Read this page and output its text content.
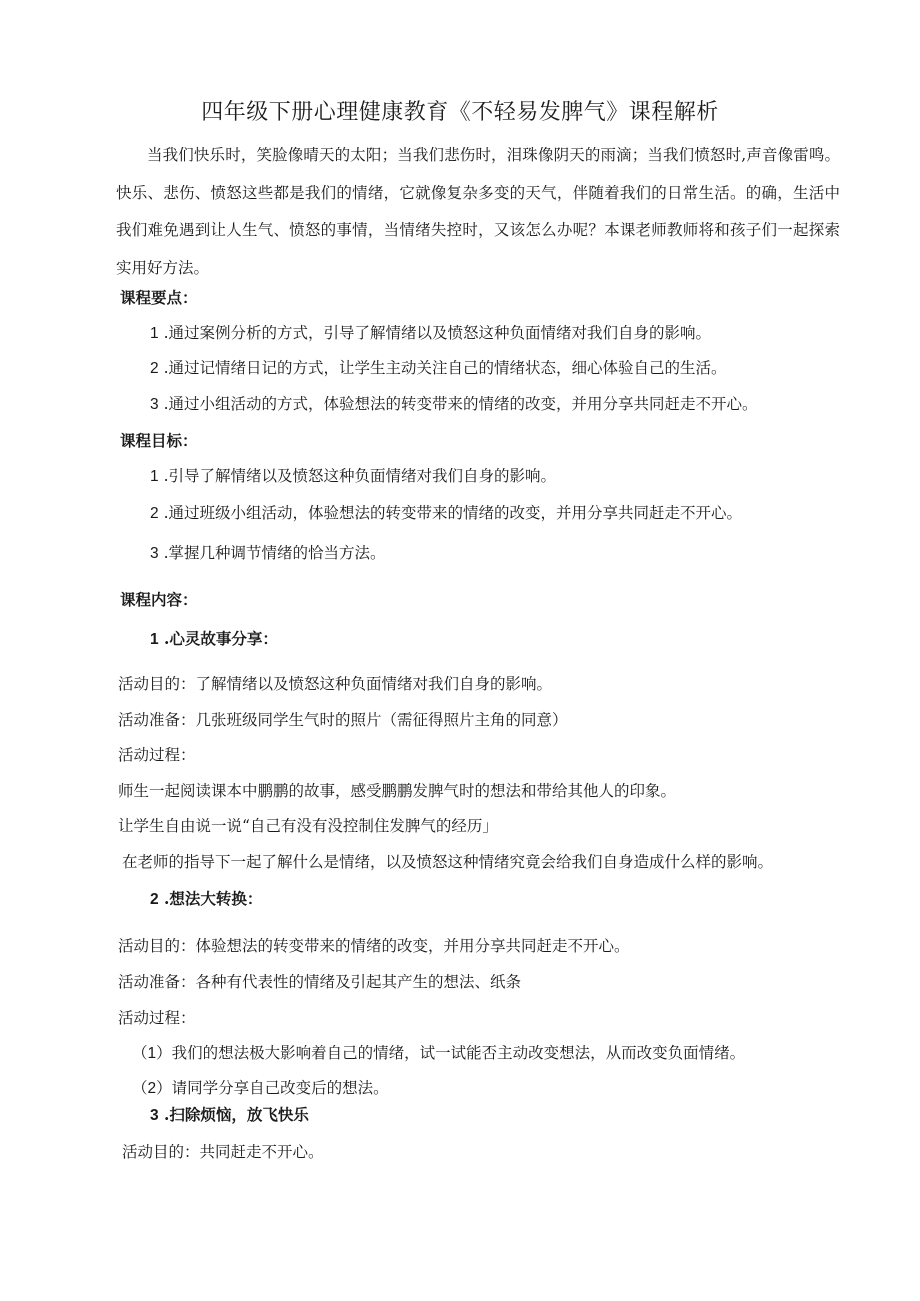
四年级下册心理健康教育《不轻易发脾气》课程解析

当我们快乐时，笑脸像晴天的太阳；当我们悲伤时，泪珠像阴天的雨滴；当我们愤怒时,声音像雷鸣。快乐、悲伤、愤怒这些都是我们的情绪，它就像复杂多变的天气，伴随着我们的日常生活。的确，生活中我们难免遇到让人生气、愤怒的事情，当情绪失控时，又该怎么办呢？本课老师教师将和孩子们一起探索实用好方法。

课程要点：
1 .通过案例分析的方式，引导了解情绪以及愤怒这种负面情绪对我们自身的影响。
2 .通过记情绪日记的方式，让学生主动关注自己的情绪状态，细心体验自己的生活。
3 .通过小组活动的方式，体验想法的转变带来的情绪的改变，并用分享共同赶走不开心。
课程目标：
1 .引导了解情绪以及愤怒这种负面情绪对我们自身的影响。
2 .通过班级小组活动，体验想法的转变带来的情绪的改变，并用分享共同赶走不开心。
3 .掌握几种调节情绪的恰当方法。
课程内容：
1 .心灵故事分享：
活动目的：了解情绪以及愤怒这种负面情绪对我们自身的影响。
活动准备：几张班级同学生气时的照片（需征得照片主角的同意）
活动过程：
师生一起阅读课本中鹏鹏的故事，感受鹏鹏发脾气时的想法和带给其他人的印象。
让学生自由说一说“自己有没有没控制住发脾气的经历」
在老师的指导下一起了解什么是情绪，以及愤怒这种情绪究竟会给我们自身造成什么样的影响。
2 .想法大转换：
活动目的：体验想法的转变带来的情绪的改变，并用分享共同赶走不开心。
活动准备：各种有代表性的情绪及引起其产生的想法、纸条
活动过程：
（1）我们的想法极大影响着自己的情绪，试一试能否主动改变想法，从而改变负面情绪。
（2）请同学分享自己改变后的想法。
3 .扫除烦恼，放飞快乐
活动目的：共同赶走不开心。
